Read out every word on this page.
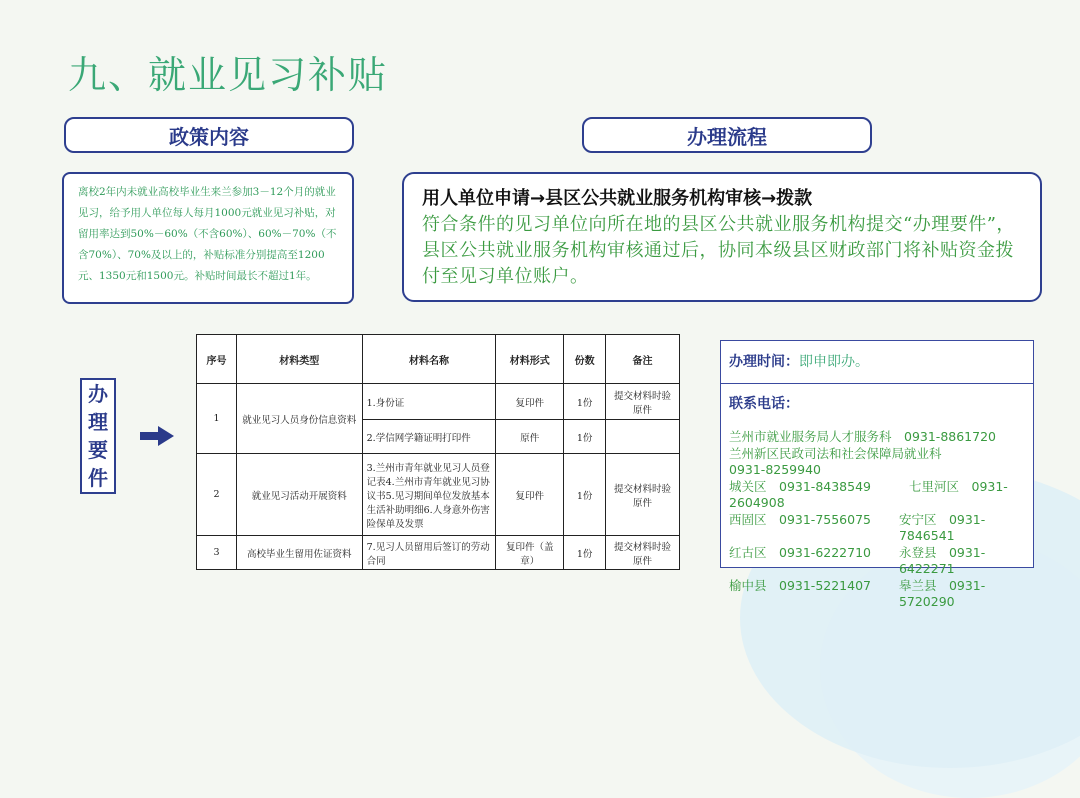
九、就业见习补贴
政策内容	办理流程
离校2年内未就业高校毕业生来兰参加3－12个月的就业见习，给予用人单位每人每月1000元就业见习补贴，对留用率达到50%－60%（不含60%）、60%－70%（不含70%）、70%及以上的，补贴标准分别提高至1200元、1350元和1500元。补贴时间最长不超过1年。
用人单位申请→县区公共就业服务机构审核→拨款
符合条件的见习单位向所在地的县区公共就业服务机构提交“办理要件”，县区公共就业服务机构审核通过后，协同本级县区财政部门将补贴资金拨付至见习单位账户。
办
理
要
件
序号	材料类型	材料名称	材料形式	份数	备注
1	就业见习人员身份信息资料	1.身份证	复印件	1份	提交材料时验原件
		2.学信网学籍证明打印件	原件	1份	
2	就业见习活动开展资料	3.兰州市青年就业见习人员登记表4.兰州市青年就业见习协议书5.见习期间单位发放基本生活补助明细6.人身意外伤害险保单及发票	复印件	1份	提交材料时验原件
3	高校毕业生留用佐证资料	7.见习人员留用后签订的劳动合同	复印件（盖章）	1份	提交材料时验原件
办理时间：即申即办。
联系电话：
兰州市就业服务局人才服务科　0931-8861720
兰州新区民政司法和社会保障局就业科
0931-8259940
城关区　0931-8438549	七里河区　0931-
2604908
西固区　0931-7556075	安宁区　0931-7846541
红古区　0931-6222710	永登县　0931-6422271
榆中县　0931-5221407	皋兰县　0931-5720290
